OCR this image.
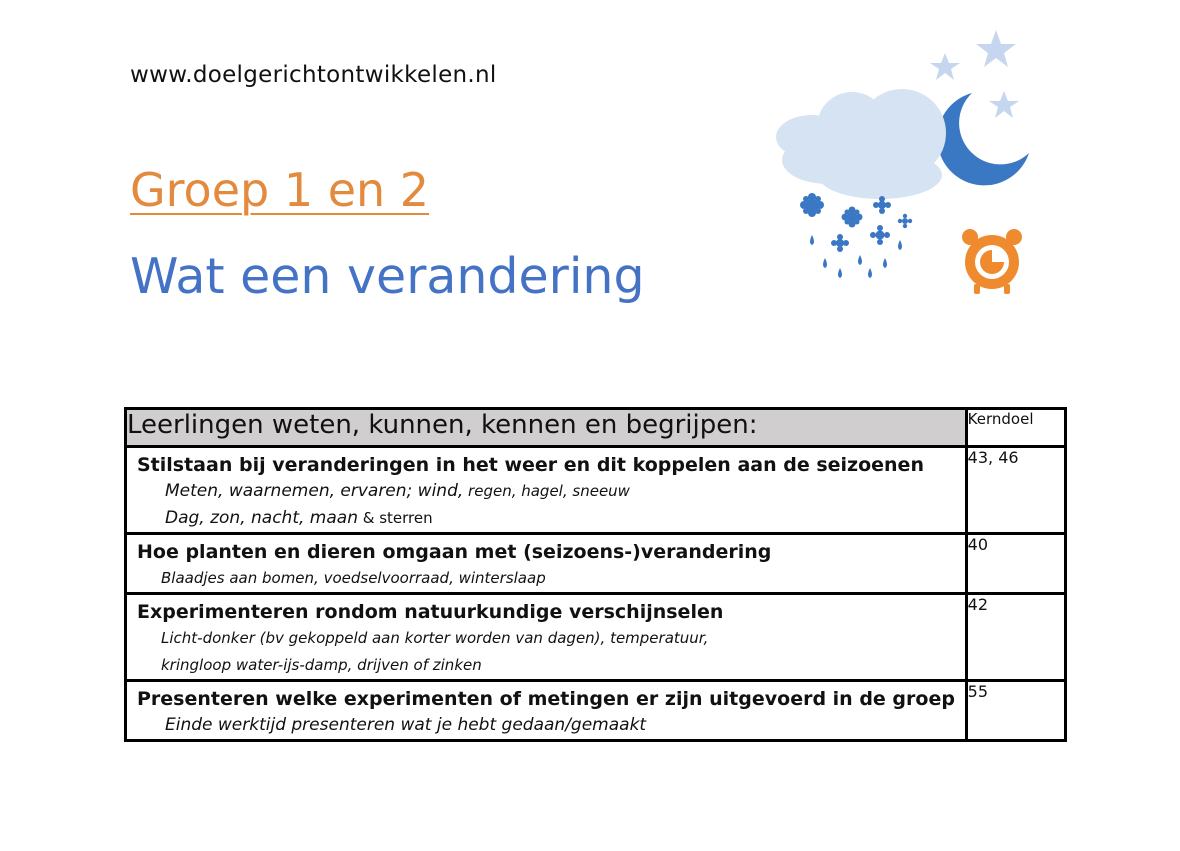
www.doelgerichtontwikkelen.nl
Groep 1 en 2
Wat een verandering
Leerlingen weten, kunnen, kennen en begrijpen:	Kerndoel

Stilstaan bij veranderingen in het weer en dit koppelen aan de seizoenen
Meten, waarnemen, ervaren; wind, regen, hagel, sneeuw
Dag, zon, nacht, maan & sterren	43, 46

Hoe planten en dieren omgaan met (seizoens-)verandering
Blaadjes aan bomen, voedselvoorraad, winterslaap	40

Experimenteren rondom natuurkundige verschijnselen
Licht-donker (bv gekoppeld aan korter worden van dagen), temperatuur,
kringloop water-ijs-damp, drijven of zinken	42

Presenteren welke experimenten of metingen er zijn uitgevoerd in de groep
Einde werktijd presenteren wat je hebt gedaan/gemaakt	55
